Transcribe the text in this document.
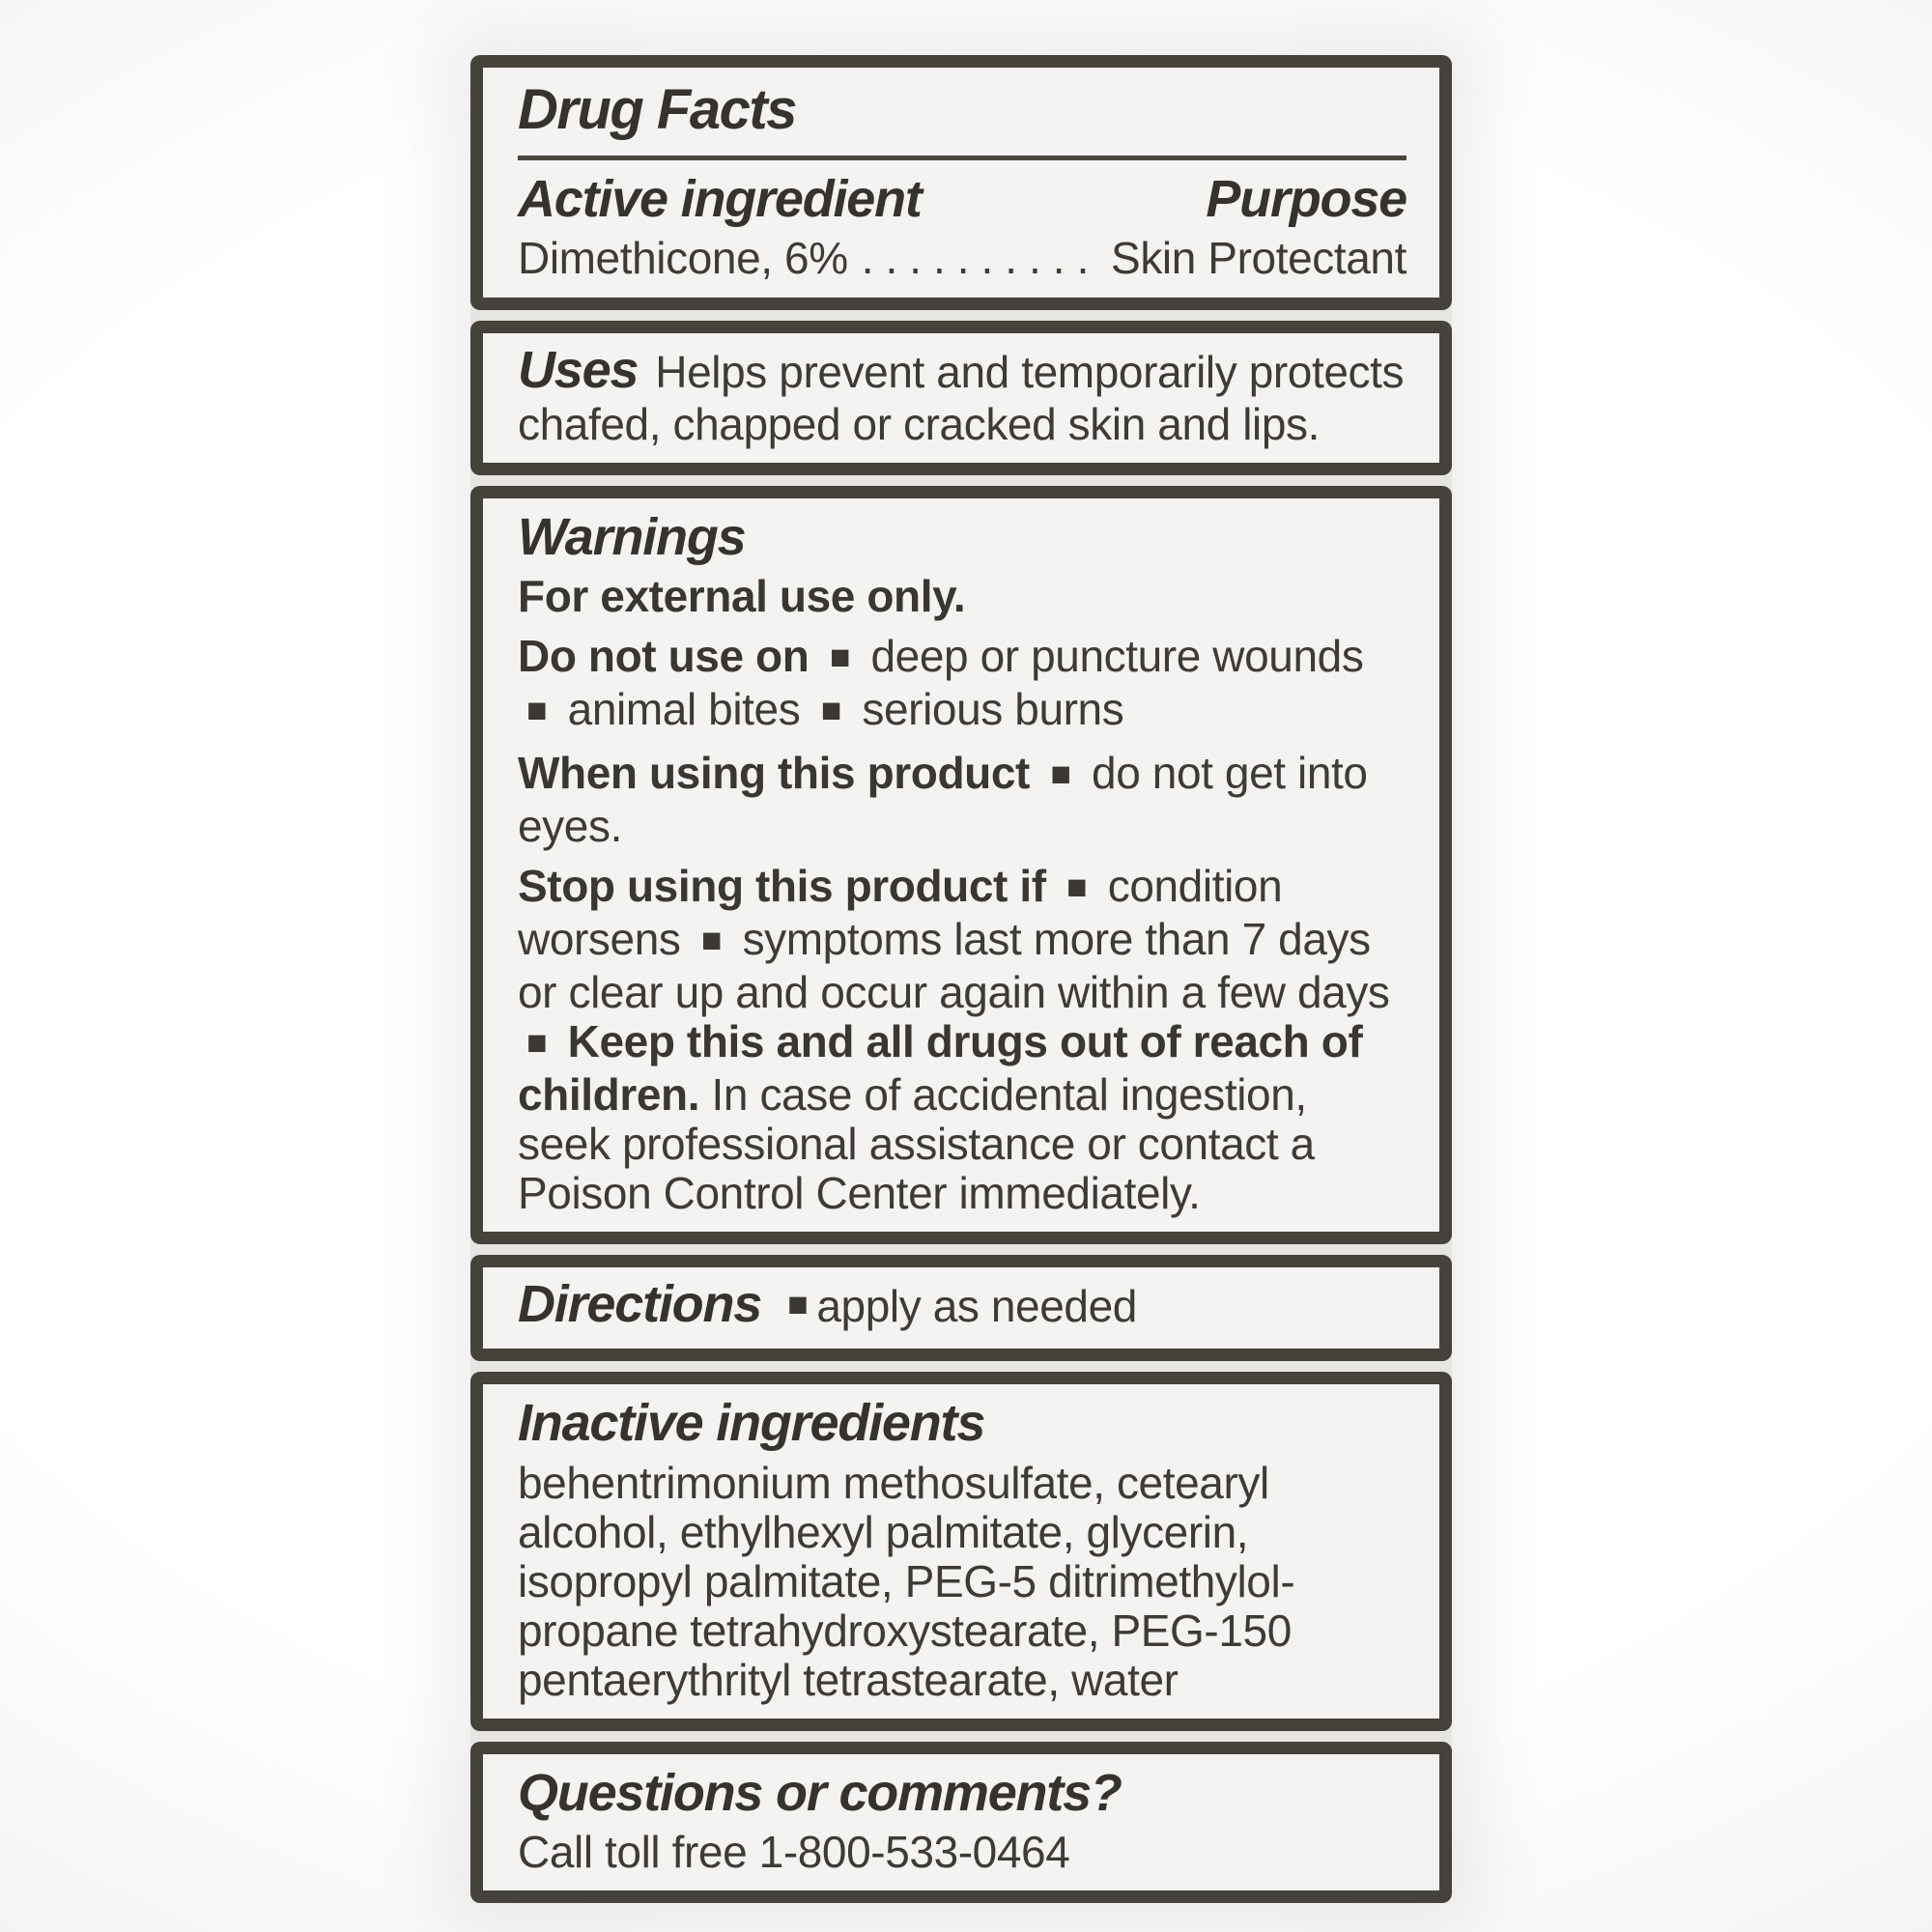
Drug Facts
Active ingredient	Purpose
Dimethicone, 6% . . . . . . . . . . Skin Protectant

Uses Helps prevent and temporarily protects chafed, chapped or cracked skin and lips.

Warnings

For external use only.

Do not use on ■ deep or puncture wounds ■ animal bites ■ serious burns

When using this product ■ do not get into eyes.

Stop using this product if ■ condition worsens ■ symptoms last more than 7 days or clear up and occur again within a few days ■ Keep this and all drugs out of reach of children. In case of accidental ingestion, seek professional assistance or contact a Poison Control Center immediately.

Directions ■ apply as needed

Inactive ingredients

behentrimonium methosulfate, cetearyl alcohol, ethylhexyl palmitate, glycerin, isopropyl palmitate, PEG-5 ditrimethylol-propane tetrahydroxystearate, PEG-150 pentaerythrityl tetrastearate, water

Questions or comments?

Call toll free 1-800-533-0464
